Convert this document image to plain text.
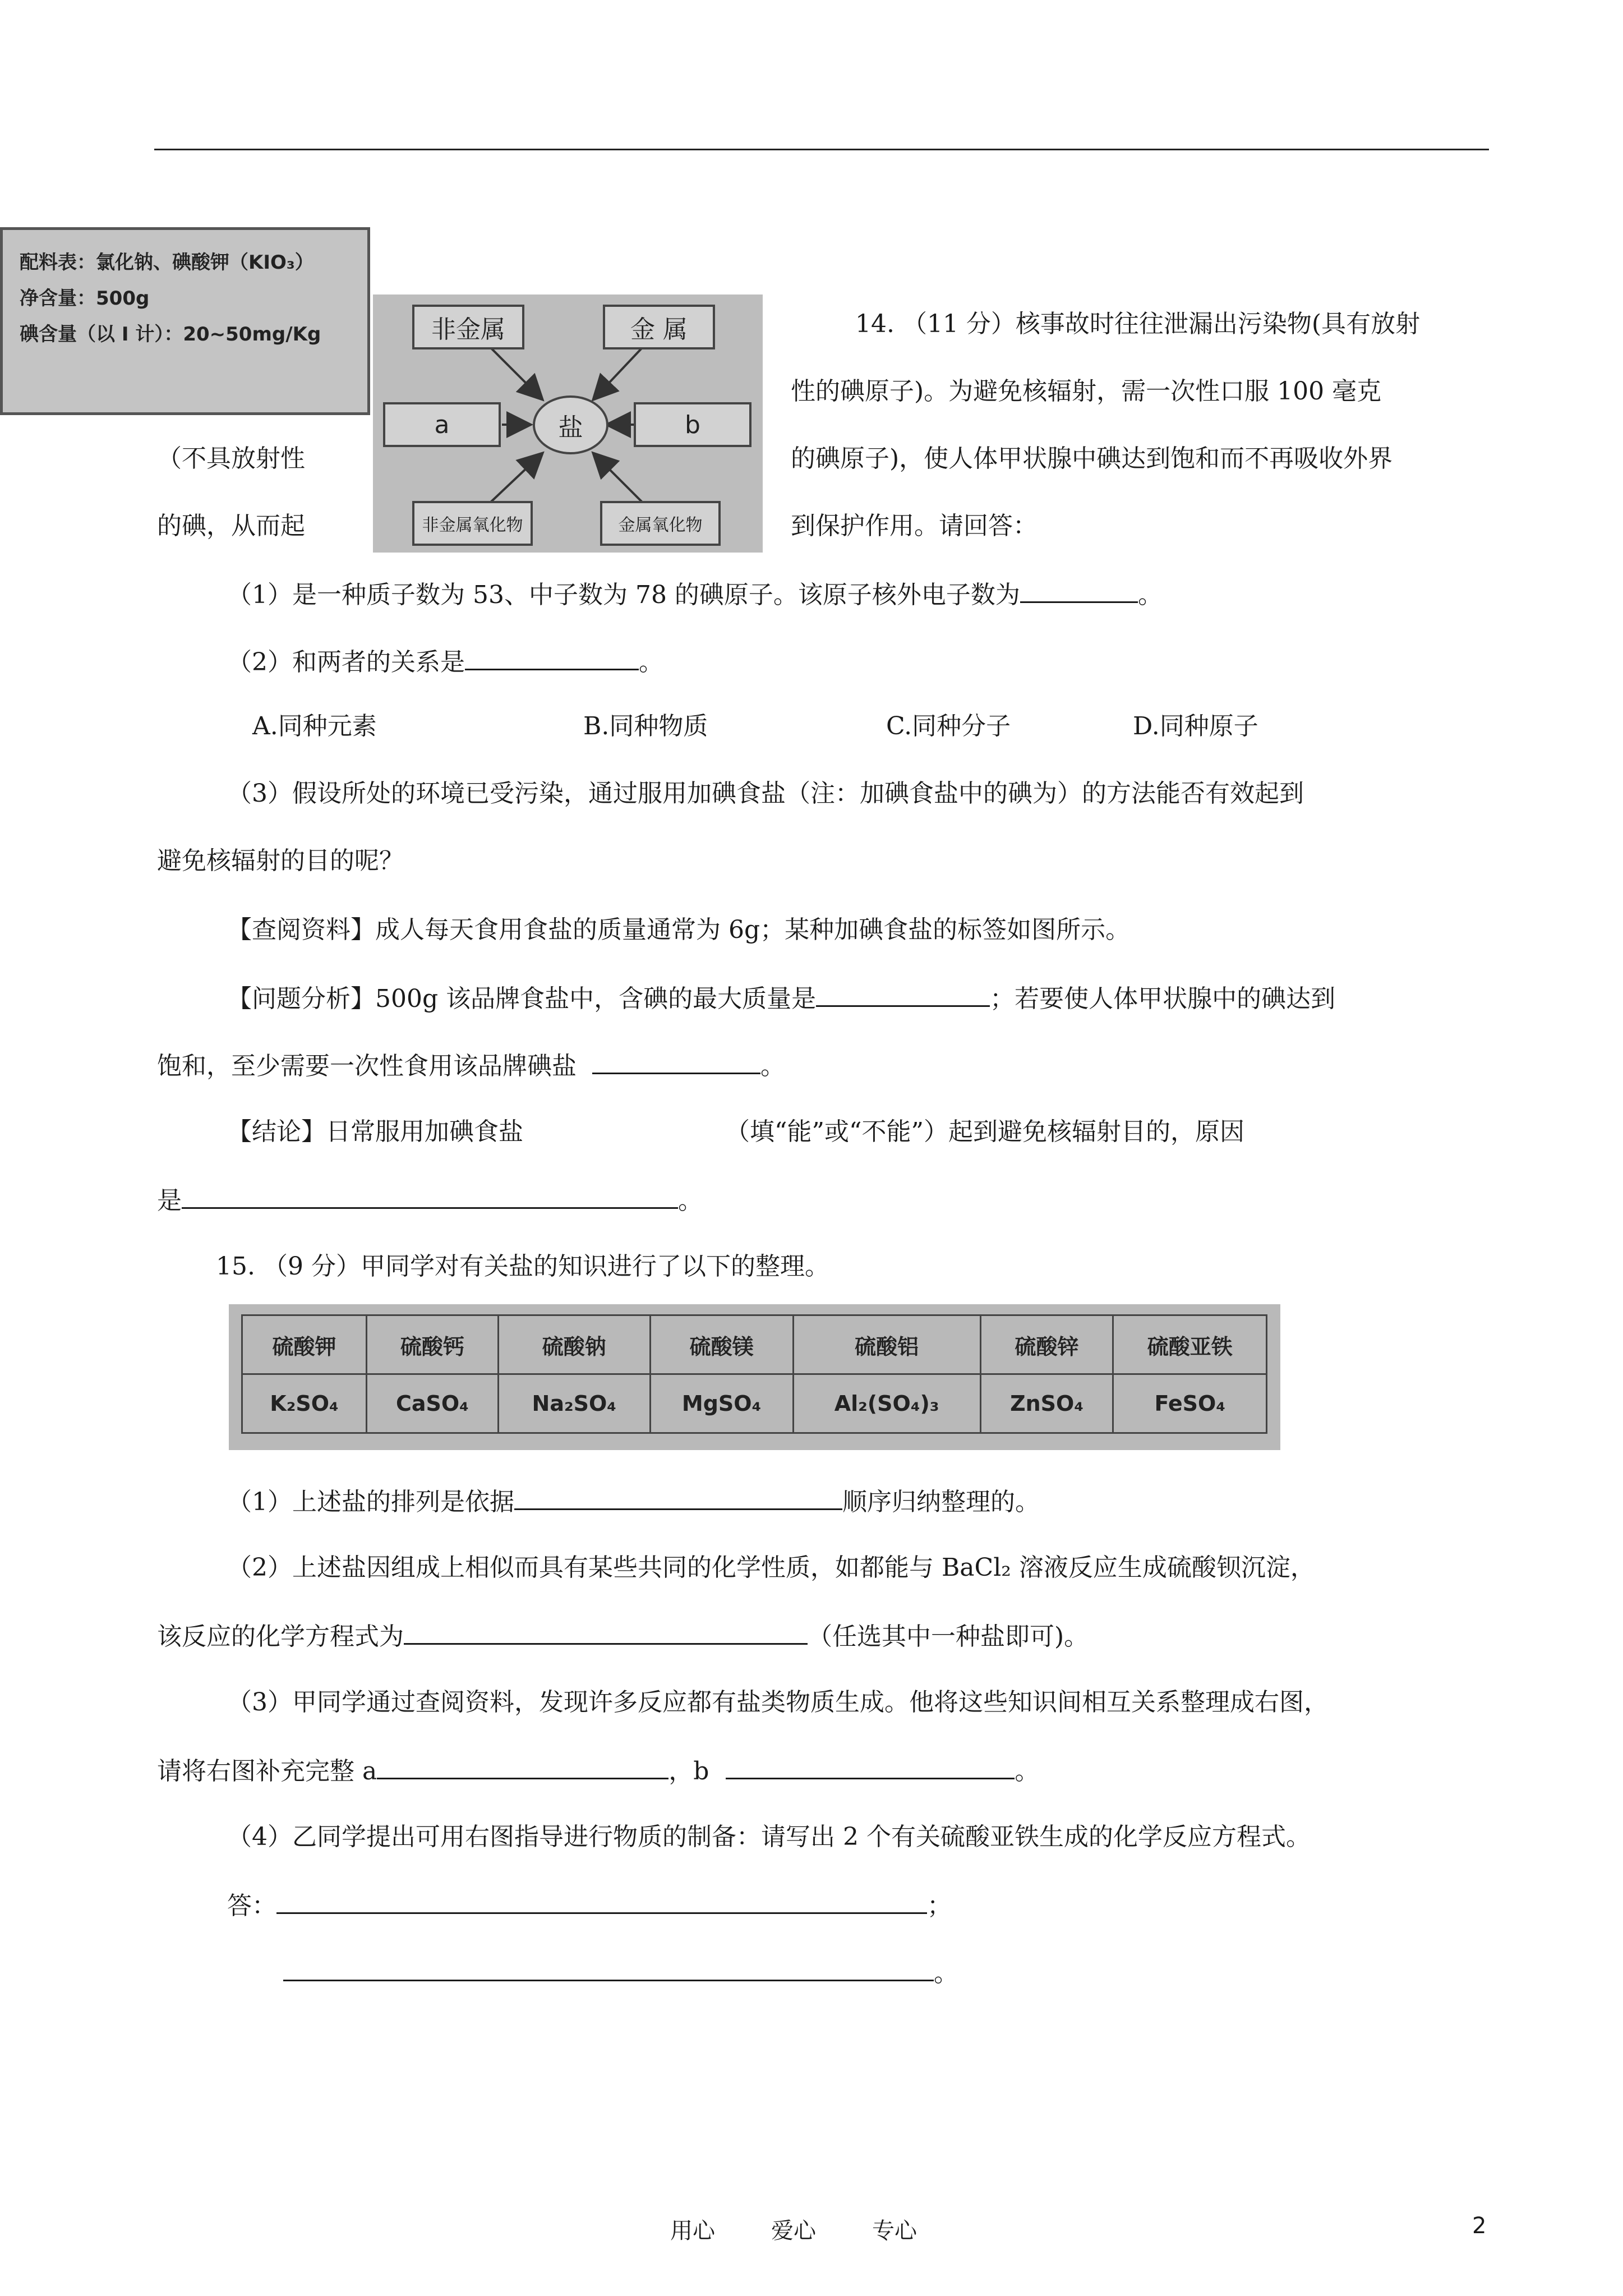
配料表：氯化钠、碘酸钾（KIO₃）
净含量：500g
碘含量（以 I 计）：20~50mg/Kg	非金属	金 属
盐
a	b
非金属氧化物	金属氧化物
14. （11 分）核事故时往往泄漏出污染物(具有放射
性的碘原子)。为避免核辐射，需一次性口服 100 毫克
（不具放射性	的碘原子)，使人体甲状腺中碘达到饱和而不再吸收外界
的碘，从而起	到保护作用。请回答：
（1）是一种质子数为 53、中子数为 78 的碘原子。该原子核外电子数为	。
（2）和两者的关系是	。
A.同种元素	B.同种物质	C.同种分子	D.同种原子
（3）假设所处的环境已受污染，通过服用加碘食盐（注：加碘食盐中的碘为）的方法能否有效起到
避免核辐射的目的呢？
【查阅资料】成人每天食用食盐的质量通常为 6g；某种加碘食盐的标签如图所示。
【问题分析】500g 该品牌食盐中，含碘的最大质量是	；若要使人体甲状腺中的碘达到
饱和，至少需要一次性食用该品牌碘盐	。
【结论】日常服用加碘食盐	（填“能”或“不能”）起到避免核辐射目的，原因
是	。
15. （9 分）甲同学对有关盐的知识进行了以下的整理。
硫酸钾	硫酸钙	硫酸钠	硫酸镁	硫酸铝	硫酸锌	硫酸亚铁
K₂SO₄	CaSO₄	Na₂SO₄	MgSO₄	Al₂(SO₄)₃	ZnSO₄	FeSO₄
（1）上述盐的排列是依据	顺序归纳整理的。
（2）上述盐因组成上相似而具有某些共同的化学性质，如都能与 BaCl₂ 溶液反应生成硫酸钡沉淀，
该反应的化学方程式为	（任选其中一种盐即可)。
（3）甲同学通过查阅资料，发现许多反应都有盐类物质生成。他将这些知识间相互关系整理成右图，
请将右图补充完整 a	，b	。
（4）乙同学提出可用右图指导进行物质的制备：请写出 2 个有关硫酸亚铁生成的化学反应方程式。
答：	；
。
用心	爱心	专心	2
